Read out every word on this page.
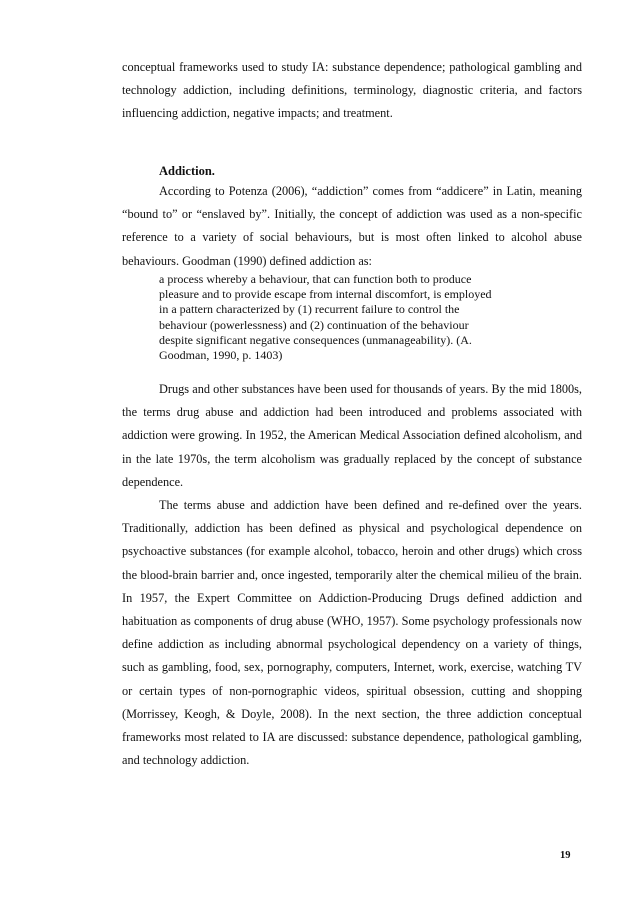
conceptual frameworks used to study IA: substance dependence; pathological gambling and technology addiction, including definitions, terminology, diagnostic criteria, and factors influencing addiction, negative impacts; and treatment.

Addiction.

According to Potenza (2006), “addiction” comes from “addicere” in Latin, meaning “bound to” or “enslaved by”. Initially, the concept of addiction was used as a non-specific reference to a variety of social behaviours, but is most often linked to alcohol abuse behaviours. Goodman (1990) defined addiction as:

a process whereby a behaviour, that can function both to produce
pleasure and to provide escape from internal discomfort, is employed
in a pattern characterized by (1) recurrent failure to control the
behaviour (powerlessness) and (2) continuation of the behaviour
despite significant negative consequences (unmanageability). (A.
Goodman, 1990, p. 1403)

Drugs and other substances have been used for thousands of years. By the mid 1800s, the terms drug abuse and addiction had been introduced and problems associated with addiction were growing. In 1952, the American Medical Association defined alcoholism, and in the late 1970s, the term alcoholism was gradually replaced by the concept of substance dependence.

The terms abuse and addiction have been defined and re-defined over the years. Traditionally, addiction has been defined as physical and psychological dependence on psychoactive substances (for example alcohol, tobacco, heroin and other drugs) which cross the blood-brain barrier and, once ingested, temporarily alter the chemical milieu of the brain. In 1957, the Expert Committee on Addiction-Producing Drugs defined addiction and habituation as components of drug abuse (WHO, 1957). Some psychology professionals now define addiction as including abnormal psychological dependency on a variety of things, such as gambling, food, sex, pornography, computers, Internet, work, exercise, watching TV or certain types of non-pornographic videos, spiritual obsession, cutting and shopping (Morrissey, Keogh, & Doyle, 2008). In the next section, the three addiction conceptual frameworks most related to IA are discussed: substance dependence, pathological gambling, and technology addiction.

19
